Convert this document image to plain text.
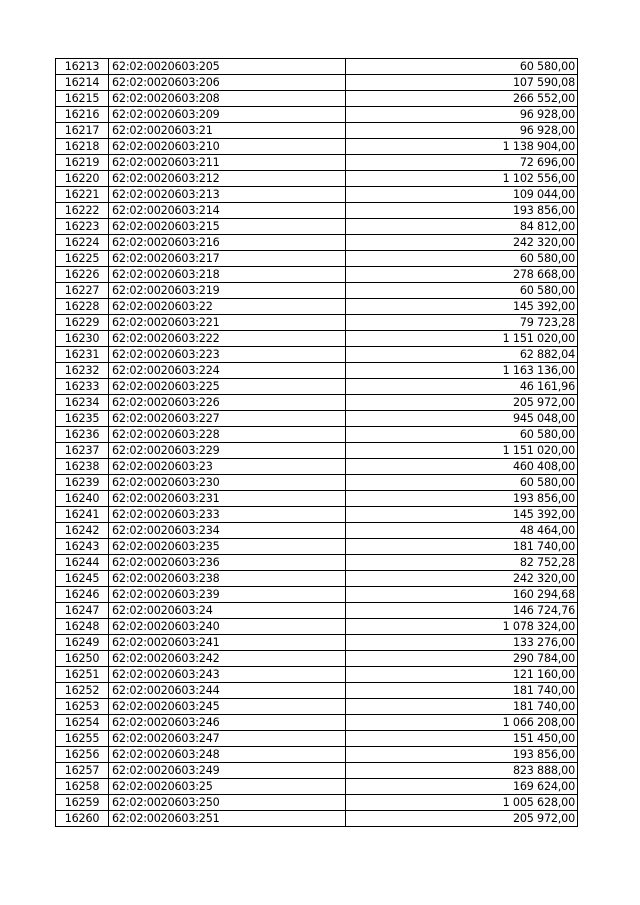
16213	62:02:0020603:205	60 580,00
16214	62:02:0020603:206	107 590,08
16215	62:02:0020603:208	266 552,00
16216	62:02:0020603:209	96 928,00
16217	62:02:0020603:21	96 928,00
16218	62:02:0020603:210	1 138 904,00
16219	62:02:0020603:211	72 696,00
16220	62:02:0020603:212	1 102 556,00
16221	62:02:0020603:213	109 044,00
16222	62:02:0020603:214	193 856,00
16223	62:02:0020603:215	84 812,00
16224	62:02:0020603:216	242 320,00
16225	62:02:0020603:217	60 580,00
16226	62:02:0020603:218	278 668,00
16227	62:02:0020603:219	60 580,00
16228	62:02:0020603:22	145 392,00
16229	62:02:0020603:221	79 723,28
16230	62:02:0020603:222	1 151 020,00
16231	62:02:0020603:223	62 882,04
16232	62:02:0020603:224	1 163 136,00
16233	62:02:0020603:225	46 161,96
16234	62:02:0020603:226	205 972,00
16235	62:02:0020603:227	945 048,00
16236	62:02:0020603:228	60 580,00
16237	62:02:0020603:229	1 151 020,00
16238	62:02:0020603:23	460 408,00
16239	62:02:0020603:230	60 580,00
16240	62:02:0020603:231	193 856,00
16241	62:02:0020603:233	145 392,00
16242	62:02:0020603:234	48 464,00
16243	62:02:0020603:235	181 740,00
16244	62:02:0020603:236	82 752,28
16245	62:02:0020603:238	242 320,00
16246	62:02:0020603:239	160 294,68
16247	62:02:0020603:24	146 724,76
16248	62:02:0020603:240	1 078 324,00
16249	62:02:0020603:241	133 276,00
16250	62:02:0020603:242	290 784,00
16251	62:02:0020603:243	121 160,00
16252	62:02:0020603:244	181 740,00
16253	62:02:0020603:245	181 740,00
16254	62:02:0020603:246	1 066 208,00
16255	62:02:0020603:247	151 450,00
16256	62:02:0020603:248	193 856,00
16257	62:02:0020603:249	823 888,00
16258	62:02:0020603:25	169 624,00
16259	62:02:0020603:250	1 005 628,00
16260	62:02:0020603:251	205 972,00
